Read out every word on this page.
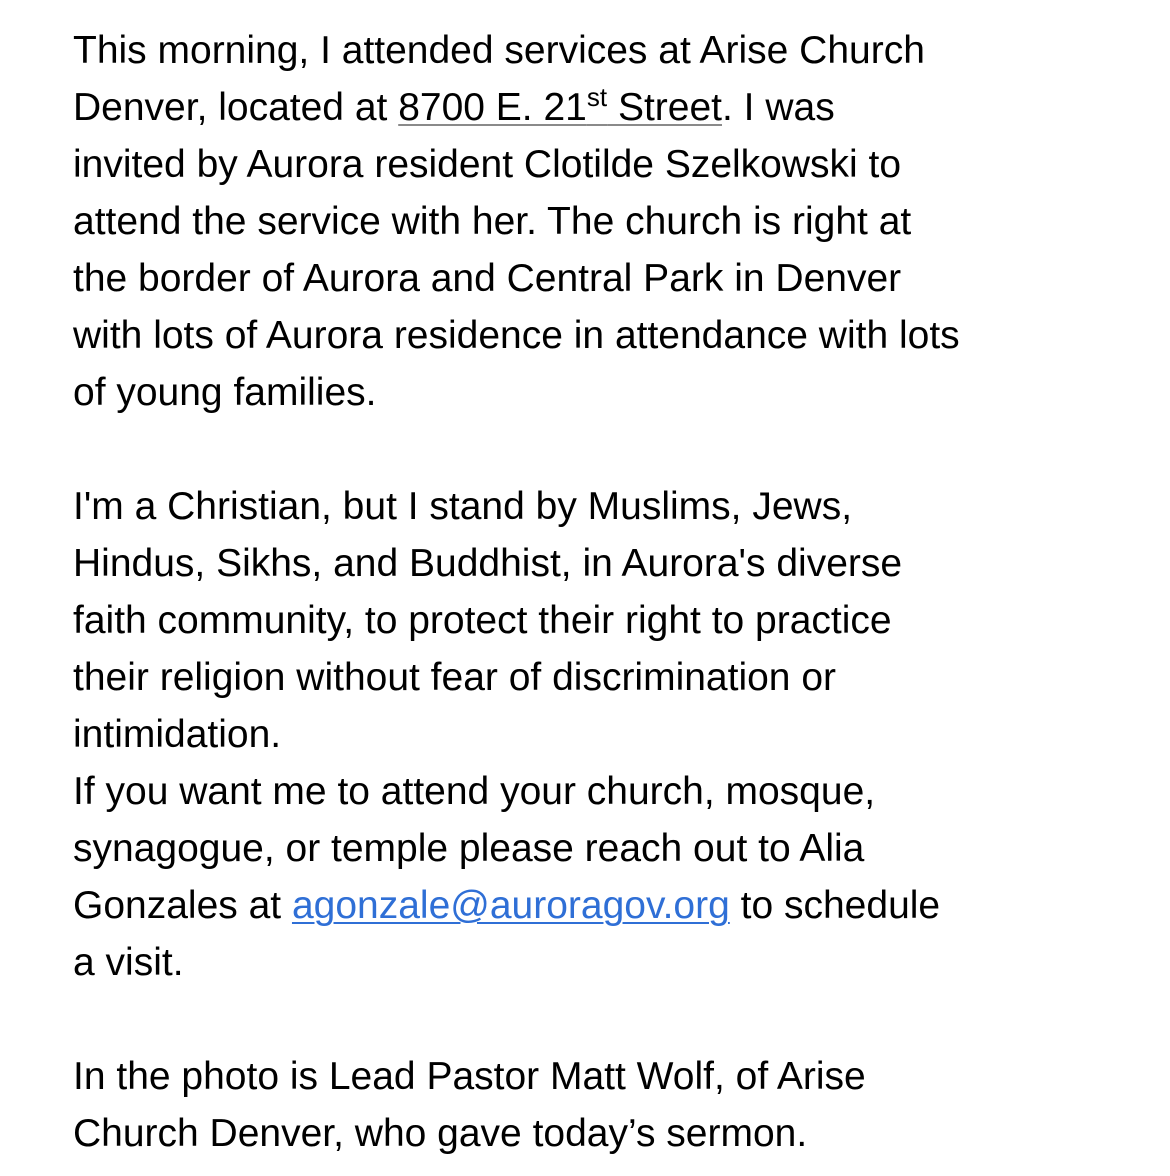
This morning, I attended services at Arise Church
Denver, located at 8700 E. 21st Street. I was
invited by Aurora resident Clotilde Szelkowski to
attend the service with her. The church is right at
the border of Aurora and Central Park in Denver
with lots of Aurora residence in attendance with lots
of young families.
I'm a Christian, but I stand by Muslims, Jews,
Hindus, Sikhs, and Buddhist, in Aurora's diverse
faith community, to protect their right to practice
their religion without fear of discrimination or
intimidation.
If you want me to attend your church, mosque,
synagogue, or temple please reach out to Alia
Gonzales at agonzale@auroragov.org to schedule
a visit.
In the photo is Lead Pastor Matt Wolf, of Arise
Church Denver, who gave today’s sermon.
